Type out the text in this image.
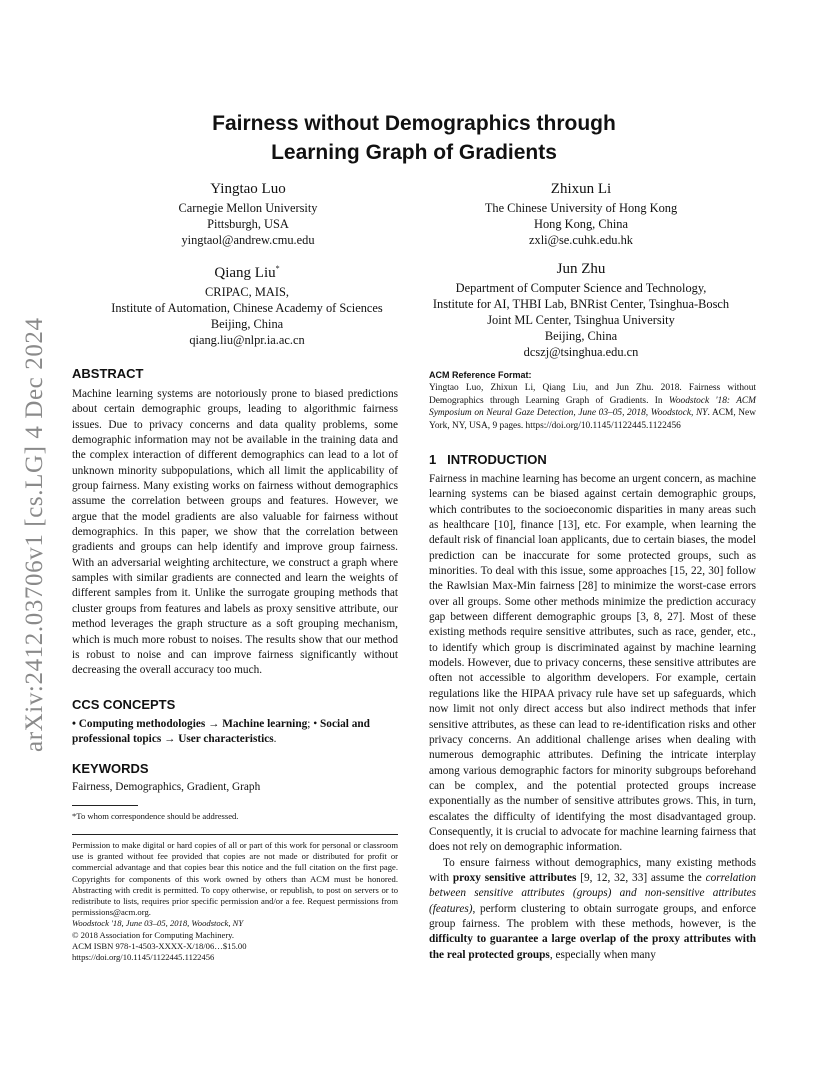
arXiv:2412.03706v1 [cs.LG] 4 Dec 2024
Fairness without Demographics through
Learning Graph of Gradients
Yingtao Luo
Carnegie Mellon University
Pittsburgh, USA
yingtaol@andrew.cmu.edu
Zhixun Li
The Chinese University of Hong Kong
Hong Kong, China
zxli@se.cuhk.edu.hk
Qiang Liu*
CRIPAC, MAIS,
Institute of Automation, Chinese Academy of Sciences
Beijing, China
qiang.liu@nlpr.ia.ac.cn
Jun Zhu
Department of Computer Science and Technology,
Institute for AI, THBI Lab, BNRist Center, Tsinghua-Bosch
Joint ML Center, Tsinghua University
Beijing, China
dcszj@tsinghua.edu.cn
ABSTRACT

Machine learning systems are notoriously prone to biased predictions about certain demographic groups, leading to algorithmic fairness issues. Due to privacy concerns and data quality problems, some demographic information may not be available in the training data and the complex interaction of different demographics can lead to a lot of unknown minority subpopulations, which all limit the applicability of group fairness. Many existing works on fairness without demographics assume the correlation between groups and features. However, we argue that the model gradients are also valuable for fairness without demographics. In this paper, we show that the correlation between gradients and groups can help identify and improve group fairness. With an adversarial weighting architecture, we construct a graph where samples with similar gradients are connected and learn the weights of different samples from it. Unlike the surrogate grouping methods that cluster groups from features and labels as proxy sensitive attribute, our method leverages the graph structure as a soft grouping mechanism, which is much more robust to noises. The results show that our method is robust to noise and can improve fairness significantly without decreasing the overall accuracy too much.

CCS CONCEPTS
• Computing methodologies → Machine learning; • Social and professional topics → User characteristics.
KEYWORDS
Fairness, Demographics, Gradient, Graph
*To whom correspondence should be addressed.

Permission to make digital or hard copies of all or part of this work for personal or classroom use is granted without fee provided that copies are not made or distributed for profit or commercial advantage and that copies bear this notice and the full citation on the first page. Copyrights for components of this work owned by others than ACM must be honored. Abstracting with credit is permitted. To copy otherwise, or republish, to post on servers or to redistribute to lists, requires prior specific permission and/or a fee. Request permissions from permissions@acm.org.

Woodstock '18, June 03–05, 2018, Woodstock, NY

© 2018 Association for Computing Machinery.

ACM ISBN 978-1-4503-XXXX-X/18/06…$15.00

https://doi.org/10.1145/1122445.1122456

ACM Reference Format:

Yingtao Luo, Zhixun Li, Qiang Liu, and Jun Zhu. 2018. Fairness without Demographics through Learning Graph of Gradients. In Woodstock '18: ACM Symposium on Neural Gaze Detection, June 03–05, 2018, Woodstock, NY. ACM, New York, NY, USA, 9 pages. https://doi.org/10.1145/1122445.1122456

1 INTRODUCTION

Fairness in machine learning has become an urgent concern, as machine learning systems can be biased against certain demographic groups, which contributes to the socioeconomic disparities in many areas such as healthcare [10], finance [13], etc. For example, when learning the default risk of financial loan applicants, due to certain biases, the model prediction can be inaccurate for some protected groups, such as minorities. To deal with this issue, some approaches [15, 22, 30] follow the Rawlsian Max-Min fairness [28] to minimize the worst-case errors over all groups. Some other methods minimize the prediction accuracy gap between different demographic groups [3, 8, 27]. Most of these existing methods require sensitive attributes, such as race, gender, etc., to identify which group is discriminated against by machine learning models. However, due to privacy concerns, these sensitive attributes are often not accessible to algorithm developers. For example, certain regulations like the HIPAA privacy rule have set up safeguards, which now limit not only direct access but also indirect methods that infer sensitive attributes, as these can lead to re-identification risks and other privacy concerns. An additional challenge arises when dealing with numerous demographic attributes. Defining the intricate interplay among various demographic factors for minority subgroups beforehand can be complex, and the potential protected groups increase exponentially as the number of sensitive attributes grows. This, in turn, escalates the difficulty of identifying the most disadvantaged group. Consequently, it is crucial to advocate for machine learning fairness that does not rely on demographic information.

To ensure fairness without demographics, many existing methods with proxy sensitive attributes [9, 12, 32, 33] assume the correlation between sensitive attributes (groups) and non-sensitive attributes (features), perform clustering to obtain surrogate groups, and enforce group fairness. The problem with these methods, however, is the difficulty to guarantee a large overlap of the proxy attributes with the real protected groups, especially when many
